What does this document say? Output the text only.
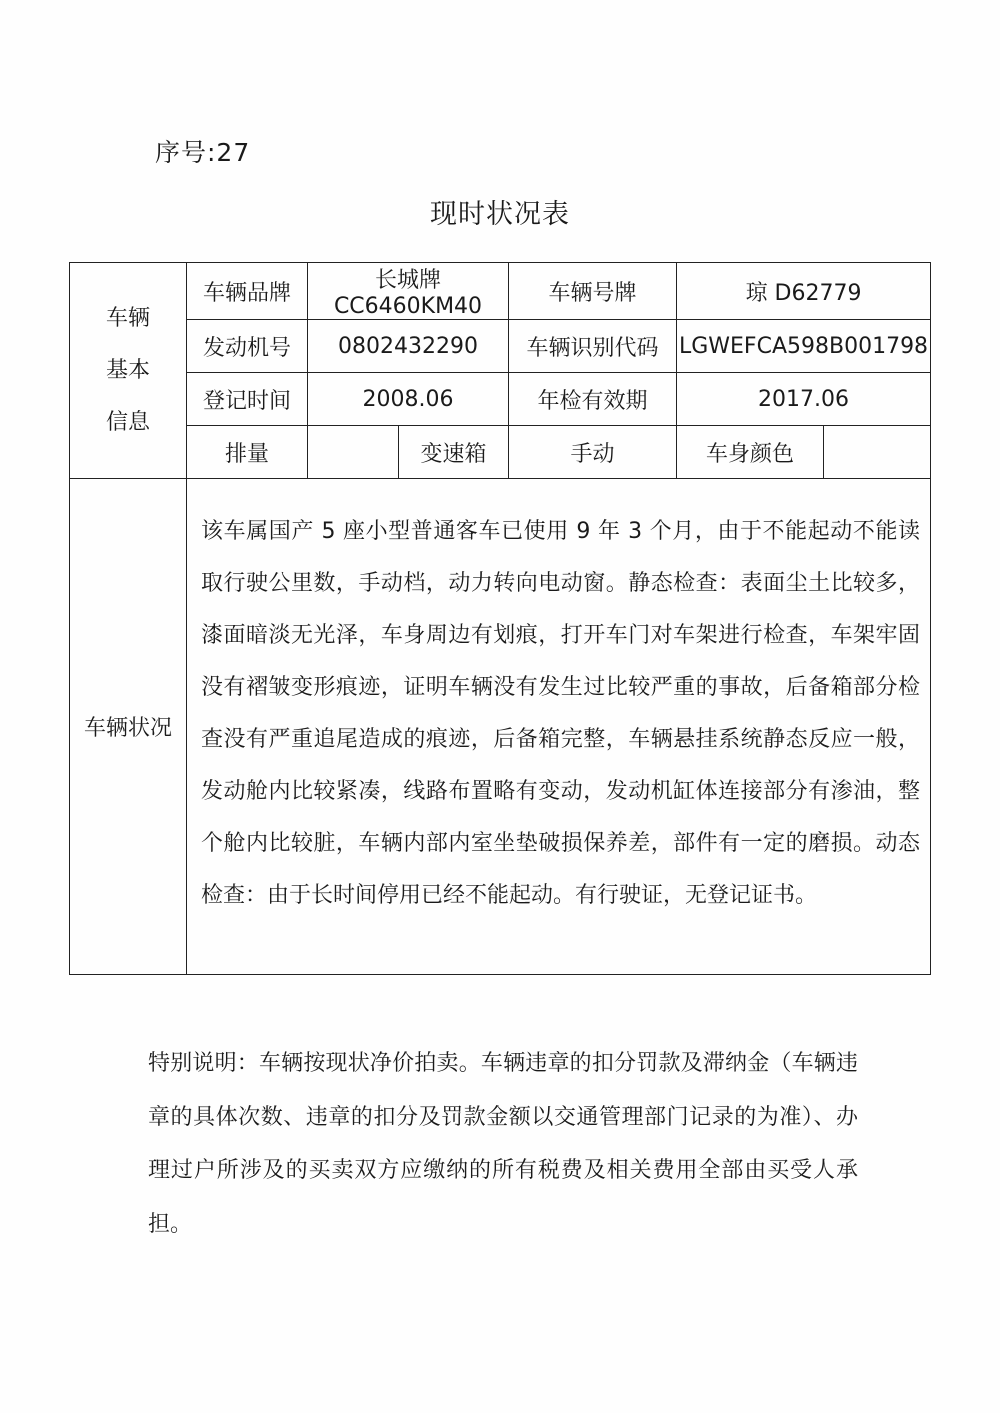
序号:27
现时状况表
车辆
基本
信息	车辆品牌	长城牌 CC6460KM40		车辆号牌	琼 D62779	
	发动机号	0802432290		车辆识别代码	LGWEFCA598B001798	
	登记时间	2008.06		年检有效期	2017.06	
	排量		变速箱	手动	车身颜色	
车辆状况	该车属国产 5 座小型普通客车已使用 9 年 3 个月，由于不能起动不能读取行驶公里数，手动档，动力转向电动窗。静态检查：表面尘土比较多，漆面暗淡无光泽，车身周边有划痕，打开车门对车架进行检查，车架牢固没有褶皱变形痕迹，证明车辆没有发生过比较严重的事故，后备箱部分检查没有严重追尾造成的痕迹，后备箱完整，车辆悬挂系统静态反应一般，发动舱内比较紧凑，线路布置略有变动，发动机缸体连接部分有渗油，整个舱内比较脏，车辆内部内室坐垫破损保养差，部件有一定的磨损。动态检查：由于长时间停用已经不能起动。有行驶证，无登记证书。					
特别说明：车辆按现状净价拍卖。车辆违章的扣分罚款及滞纳金（车辆违章的具体次数、违章的扣分及罚款金额以交通管理部门记录的为准）、办理过户所涉及的买卖双方应缴纳的所有税费及相关费用全部由买受人承担。
